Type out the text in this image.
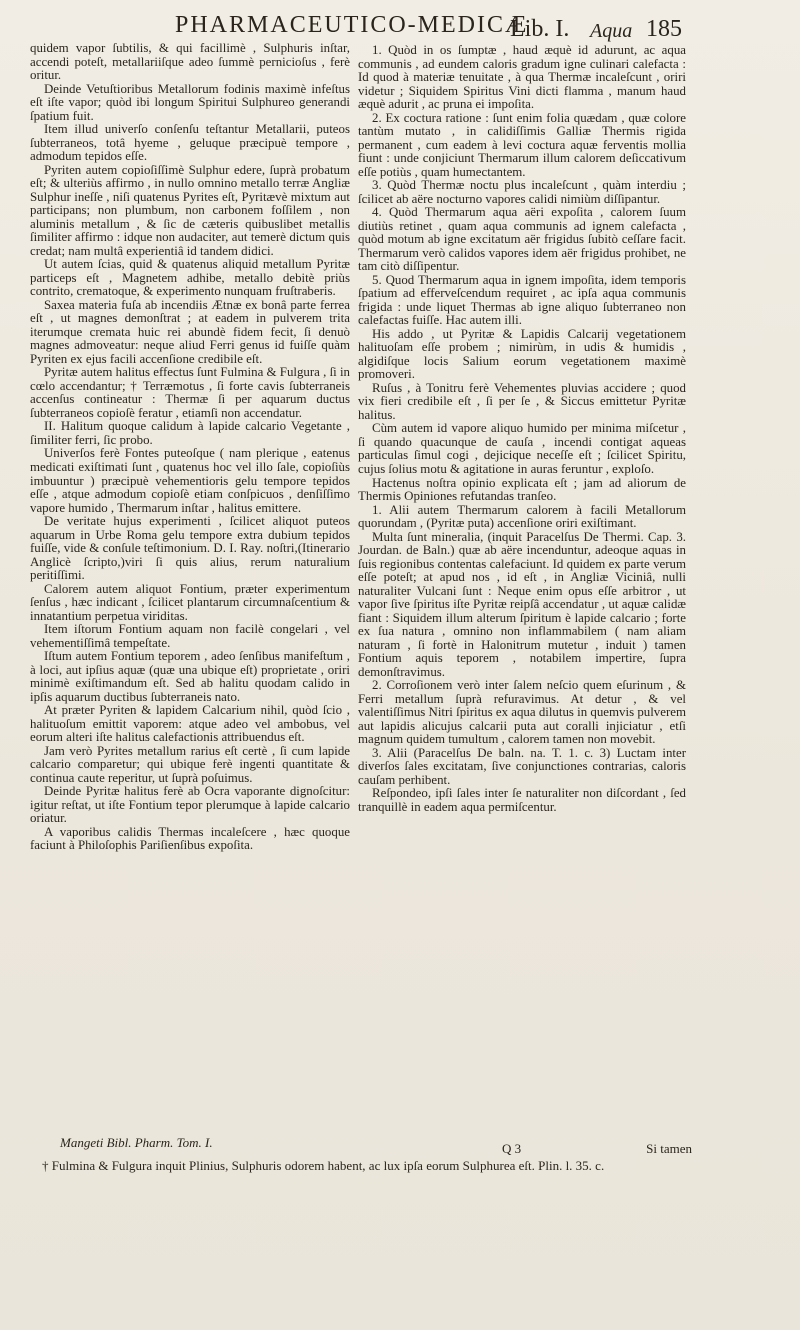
PHARMACEUTICO-MEDICÆ
Lib. I. Aqua 185

quidem vapor ſubtilis, & qui facillimè , Sulphuris inſtar, accendi poteſt, metallariiſque adeo ſummè pernicioſus , ferè oritur.

Deinde Vetuſtioribus Metallorum fodinis maximè infeſtus eſt iſte vapor; quòd ibi longum Spiritui Sulphureo generandi ſpatium fuit.

Item illud univerſo conſenſu teſtantur Metallarii, puteos ſubterraneos, totâ hyeme , geluque præcipuè tempore , admodum tepidos eſſe.

Pyriten autem copioſiſſimè Sulphur edere, ſuprà probatum eſt; & ulteriùs affirmo , in nullo omnino metallo terræ Angliæ Sulphur ineſſe , niſi quatenus Pyrites eſt, Pyritævè mixtum aut participans; non plumbum, non carbonem foſſilem , non aluminis metallum , & ſic de cæteris quibuslibet metallis ſimiliter affirmo : idque non audaciter, aut temerè dictum quis credat; nam multâ experientiâ id tandem didici.

Ut autem ſcias, quid & quatenus aliquid metallum Pyritæ particeps eſt , Magnetem adhibe, metallo debitè priùs contrito, crematoque, & experimento nunquam fruſtraberis.

Saxea materia fuſa ab incendiis Ætnæ ex bonâ parte ferrea eſt , ut magnes demonſtrat ; at eadem in pulverem trita iterumque cremata huic rei abundè fidem fecit, ſi denuò magnes admoveatur: neque aliud Ferri genus id fuiſſe quàm Pyriten ex ejus facili accenſione credibile eſt.

Pyritæ autem halitus effectus ſunt Fulmina & Fulgura , ſi in cœlo accendantur; † Terræmotus , ſi forte cavis ſubterraneis accenſus contineatur : Thermæ ſi per aquarum ductus ſubterraneos copioſè feratur , etiamſi non accendatur.

II. Halitum quoque calidum à lapide calcario Vegetante , ſimiliter ferri, ſic probo.

Univerſos ferè Fontes puteoſque ( nam plerique , eatenus medicati exiſtimati ſunt , quatenus hoc vel illo ſale, copioſiùs imbuuntur ) præcipuè vehementioris gelu tempore tepidos eſſe , atque admodum copioſè etiam conſpicuos , denſiſſimo vapore humido , Thermarum inſtar , halitus emittere.

De veritate hujus experimenti , ſcilicet aliquot puteos aquarum in Urbe Roma gelu tempore extra dubium tepidos fuiſſe, vide & conſule teſtimonium. D. I. Ray. noſtri,(Itinerario Anglicè ſcripto,)viri ſi quis alius, rerum naturalium peritiſſimi.

Calorem autem aliquot Fontium, præter experimentum ſenſus , hæc indicant , ſcilicet plantarum circumnaſcentium & innatantium perpetua viriditas.

Item iſtorum Fontium aquam non facilè congelari , vel vehementiſſimâ tempeſtate.

Iſtum autem Fontium teporem , adeo ſenſibus manifeſtum , à loci, aut ipſius aquæ (quæ una ubique eſt) proprietate , oriri minimè exiſtimandum eſt. Sed ab halitu quodam calido in ipſis aquarum ductibus ſubterraneis nato.

At præter Pyriten & lapidem Calcarium nihil, quòd ſcio , halituoſum emittit vaporem: atque adeo vel ambobus, vel eorum alteri iſte halitus calefactionis attribuendus eſt.

Jam verò Pyrites metallum rarius eſt certè , ſi cum lapide calcario comparetur; qui ubique ferè ingenti quantitate & continua caute reperitur, ut ſuprà poſuimus.

Deinde Pyritæ halitus ferè ab Ocra vaporante dignoſcitur: igitur reſtat, ut iſte Fontium tepor plerumque à lapide calcario oriatur.

A vaporibus calidis Thermas incaleſcere , hæc quoque faciunt à Philoſophis Pariſienſibus expoſita.

1. Quòd in os ſumptæ , haud æquè id adurunt, ac aqua communis , ad eundem caloris gradum igne culinari calefacta : Id quod à materiæ tenuitate , à qua Thermæ incaleſcunt , oriri videtur ; Siquidem Spiritus Vini dicti flamma , manum haud æquè adurit , ac pruna ei impoſita.

2. Ex coctura ratione : ſunt enim folia quædam , quæ colore tantùm mutato , in calidiſſimis Galliæ Thermis rigida permanent , cum eadem à levi coctura aquæ ferventis mollia fiunt : unde conjiciunt Thermarum illum calorem deſiccativum eſſe potiùs , quam humectantem.

3. Quòd Thermæ noctu plus incaleſcunt , quàm interdiu ; ſcilicet ab aëre nocturno vapores calidi nimiùm diſſipantur.

4. Quòd Thermarum aqua aëri expoſita , calorem ſuum diutiùs retinet , quam aqua communis ad ignem calefacta , quòd motum ab igne excitatum aër frigidus ſubitò ceſſare facit. Thermarum verò calidos vapores idem aër frigidus prohibet, ne tam citò diſſipentur.

5. Quod Thermarum aqua in ignem impoſita, idem temporis ſpatium ad efferveſcendum requiret , ac ipſa aqua communis frigida : unde liquet Thermas ab igne aliquo ſubterraneo non calefactas fuiſſe. Hac autem illi.

His addo , ut Pyritæ & Lapidis Calcarij vegetationem halituoſam eſſe probem ; nimirùm, in udis & humidis , algidiſque locis Salium eorum vegetationem maximè promoveri.

Ruſus , à Tonitru ferè Vehementes pluvias accidere ; quod vix fieri credibile eſt , ſi per ſe , & Siccus emittetur Pyritæ halitus.

Cùm autem id vapore aliquo humido per minima miſcetur , ſi quando quacunque de cauſa , incendi contigat aqueas particulas ſimul cogi , dejicique neceſſe eſt ; ſcilicet Spiritu, cujus ſolius motu & agitatione in auras feruntur , exploſo.

Hactenus noſtra opinio explicata eſt ; jam ad aliorum de Thermis Opiniones refutandas tranſeo.

1. Alii autem Thermarum calorem à facili Metallorum quorundam , (Pyritæ puta) accenſione oriri exiſtimant.

Multa ſunt mineralia, (inquit Paracelſus De Thermi. Cap. 3. Jourdan. de Baln.) quæ ab aëre incenduntur, adeoque aquas in ſuis regionibus contentas calefaciunt. Id quidem ex parte verum eſſe poteſt; at apud nos , id eſt , in Angliæ Viciniâ, nulli naturaliter Vulcani ſunt : Neque enim opus eſſe arbitror , ut vapor ſive ſpiritus iſte Pyritæ reipſâ accendatur , ut aquæ calidæ fiant : Siquidem illum alterum ſpiritum è lapide calcario ; forte ex ſua natura , omnino non inflammabilem ( nam aliam naturam , ſi fortè in Halonitrum mutetur , induit ) tamen Fontium aquis teporem , notabilem impertire, ſupra demonſtravimus.

2. Corroſionem verò inter ſalem neſcio quem eſurinum , & Ferri metallum ſuprà refuravimus. At detur , & vel valentiſſimus Nitri ſpiritus ex aqua dilutus in quemvis pulverem aut lapidis alicujus calcarii puta aut coralli injiciatur , etſi magnum quidem tumultum , calorem tamen non movebit.

3. Alii (Paracelſus De baln. na. T. 1. c. 3) Luctam inter diverſos ſales excitatam, ſive conjunctiones contrarias, caloris cauſam perhibent.

Reſpondeo, ipſi ſales inter ſe naturaliter non diſcordant , ſed tranquillè in eadem aqua permiſcentur.

Mangeti Bibl. Pharm. Tom. I.	Q 3	Si tamen
† Fulmina & Fulgura inquit Plinius, Sulphuris odorem habent, ac lux ipſa eorum Sulphurea eſt. Plin. l. 35. c.
